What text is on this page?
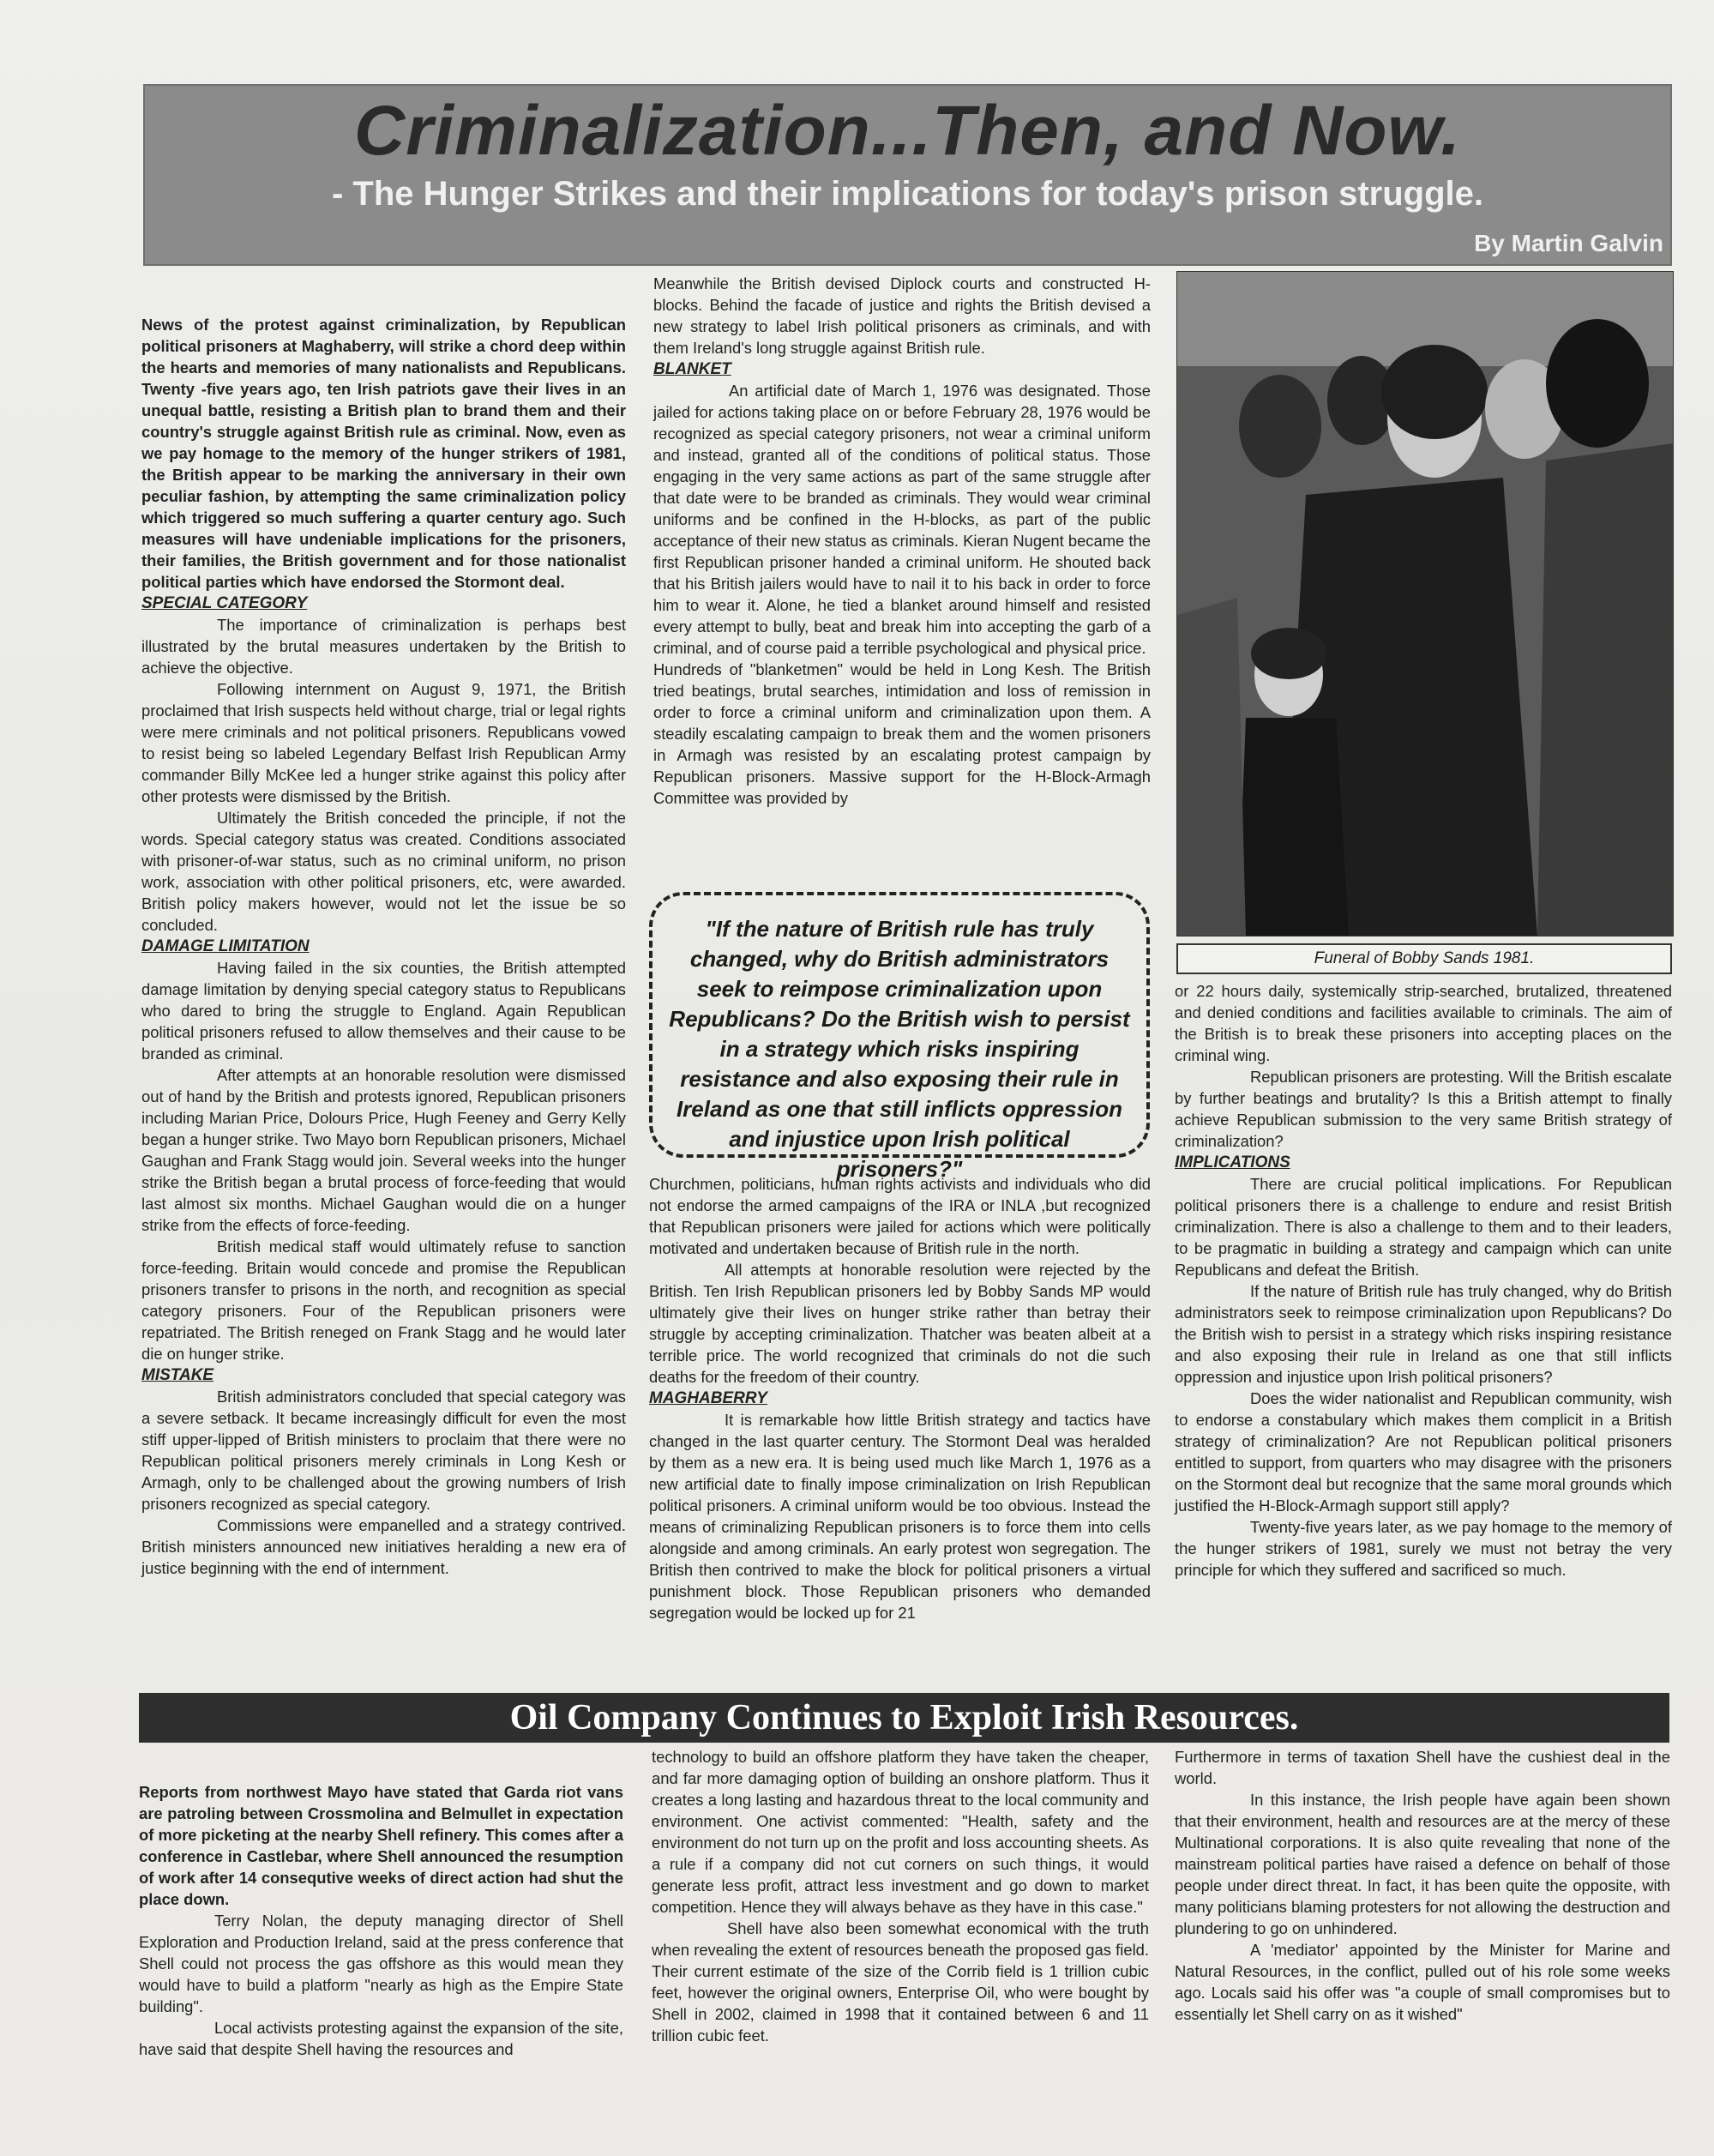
Criminalization...Then, and Now.
- The Hunger Strikes and their implications for today's prison struggle.
By Martin Galvin

News of the protest against criminalization, by Republican political prisoners at Maghaberry, will strike a chord deep within the hearts and memories of many nationalists and Republicans. Twenty -five years ago, ten Irish patriots gave their lives in an unequal battle, resisting a British plan to brand them and their country's struggle against British rule as criminal. Now, even as we pay homage to the memory of the hunger strikers of 1981, the British appear to be marking the anniversary in their own peculiar fashion, by attempting the same criminalization policy which triggered so much suffering a quarter century ago. Such measures will have undeniable implications for the prisoners, their families, the British government and for those nationalist political parties which have endorsed the Stormont deal.

SPECIAL CATEGORY

The importance of criminalization is perhaps best illustrated by the brutal measures undertaken by the British to achieve the objective.

Following internment on August 9, 1971, the British proclaimed that Irish suspects held without charge, trial or legal rights were mere criminals and not political prisoners. Republicans vowed to resist being so labeled Legendary Belfast Irish Republican Army commander Billy McKee led a hunger strike against this policy after other protests were dismissed by the British.

Ultimately the British conceded the principle, if not the words. Special category status was created. Conditions associated with prisoner-of-war status, such as no criminal uniform, no prison work, association with other political prisoners, etc, were awarded. British policy makers however, would not let the issue be so concluded.

DAMAGE LIMITATION

Having failed in the six counties, the British attempted damage limitation by denying special category status to Republicans who dared to bring the struggle to England. Again Republican political prisoners refused to allow themselves and their cause to be branded as criminal.

After attempts at an honorable resolution were dismissed out of hand by the British and protests ignored, Republican prisoners including Marian Price, Dolours Price, Hugh Feeney and Gerry Kelly began a hunger strike. Two Mayo born Republican prisoners, Michael Gaughan and Frank Stagg would join. Several weeks into the hunger strike the British began a brutal process of force-feeding that would last almost six months. Michael Gaughan would die on a hunger strike from the effects of force-feeding.

British medical staff would ultimately refuse to sanction force-feeding. Britain would concede and promise the Republican prisoners transfer to prisons in the north, and recognition as special category prisoners. Four of the Republican prisoners were repatriated. The British reneged on Frank Stagg and he would later die on hunger strike.

MISTAKE

British administrators concluded that special category was a severe setback. It became increasingly difficult for even the most stiff upper-lipped of British ministers to proclaim that there were no Republican political prisoners merely criminals in Long Kesh or Armagh, only to be challenged about the growing numbers of Irish prisoners recognized as special category.

Commissions were empanelled and a strategy contrived. British ministers announced new initiatives heralding a new era of justice beginning with the end of internment.

Meanwhile the British devised Diplock courts and constructed H-blocks. Behind the facade of justice and rights the British devised a new strategy to label Irish political prisoners as criminals, and with them Ireland's long struggle against British rule.

BLANKET

An artificial date of March 1, 1976 was designated. Those jailed for actions taking place on or before February 28, 1976 would be recognized as special category prisoners, not wear a criminal uniform and instead, granted all of the conditions of political status. Those engaging in the very same actions as part of the same struggle after that date were to be branded as criminals. They would wear criminal uniforms and be confined in the H-blocks, as part of the public acceptance of their new status as criminals. Kieran Nugent became the first Republican prisoner handed a criminal uniform. He shouted back that his British jailers would have to nail it to his back in order to force him to wear it. Alone, he tied a blanket around himself and resisted every attempt to bully, beat and break him into accepting the garb of a criminal, and of course paid a terrible psychological and physical price.

Hundreds of "blanketmen" would be held in Long Kesh. The British tried beatings, brutal searches, intimidation and loss of remission in order to force a criminal uniform and criminalization upon them. A steadily escalating campaign to break them and the women prisoners in Armagh was resisted by an escalating protest campaign by Republican prisoners. Massive support for the H-Block-Armagh Committee was provided by

"If the nature of British rule has truly changed, why do British administrators seek to reimpose criminalization upon Republicans? Do the British wish to persist in a strategy which risks inspiring resistance and also exposing their rule in Ireland as one that still inflicts oppression and injustice upon Irish political prisoners?"

Churchmen, politicians, human rights activists and individuals who did not endorse the armed campaigns of the IRA or INLA ,but recognized that Republican prisoners were jailed for actions which were politically motivated and undertaken because of British rule in the north.

All attempts at honorable resolution were rejected by the British. Ten Irish Republican prisoners led by Bobby Sands MP would ultimately give their lives on hunger strike rather than betray their struggle by accepting criminalization. Thatcher was beaten albeit at a terrible price. The world recognized that criminals do not die such deaths for the freedom of their country.

MAGHABERRY

It is remarkable how little British strategy and tactics have changed in the last quarter century. The Stormont Deal was heralded by them as a new era. It is being used much like March 1, 1976 as a new artificial date to finally impose criminalization on Irish Republican political prisoners. A criminal uniform would be too obvious. Instead the means of criminalizing Republican prisoners is to force them into cells alongside and among criminals. An early protest won segregation. The British then contrived to make the block for political prisoners a virtual punishment block. Those Republican prisoners who demanded segregation would be locked up for 21

Funeral of Bobby Sands 1981.

or 22 hours daily, systemically strip-searched, brutalized, threatened and denied conditions and facilities available to criminals. The aim of the British is to break these prisoners into accepting places on the criminal wing.

Republican prisoners are protesting. Will the British escalate by further beatings and brutality? Is this a British attempt to finally achieve Republican submission to the very same British strategy of criminalization?

IMPLICATIONS

There are crucial political implications. For Republican political prisoners there is a challenge to endure and resist British criminalization. There is also a challenge to them and to their leaders, to be pragmatic in building a strategy and campaign which can unite Republicans and defeat the British.

If the nature of British rule has truly changed, why do British administrators seek to reimpose criminalization upon Republicans? Do the British wish to persist in a strategy which risks inspiring resistance and also exposing their rule in Ireland as one that still inflicts oppression and injustice upon Irish political prisoners?

Does the wider nationalist and Republican community, wish to endorse a constabulary which makes them complicit in a British strategy of criminalization? Are not Republican political prisoners entitled to support, from quarters who may disagree with the prisoners on the Stormont deal but recognize that the same moral grounds which justified the H-Block-Armagh support still apply?

Twenty-five years later, as we pay homage to the memory of the hunger strikers of 1981, surely we must not betray the very principle for which they suffered and sacrificed so much.

Oil Company Continues to Exploit Irish Resources.

Reports from northwest Mayo have stated that Garda riot vans are patroling between Crossmolina and Belmullet in expectation of more picketing at the nearby Shell refinery. This comes after a conference in Castlebar, where Shell announced the resumption of work after 14 consequtive weeks of direct action had shut the place down.

Terry Nolan, the deputy managing director of Shell Exploration and Production Ireland, said at the press conference that Shell could not process the gas offshore as this would mean they would have to build a platform "nearly as high as the Empire State building".

Local activists protesting against the expansion of the site, have said that despite Shell having the resources and

technology to build an offshore platform they have taken the cheaper, and far more damaging option of building an onshore platform. Thus it creates a long lasting and hazardous threat to the local community and environment. One activist commented: "Health, safety and the environment do not turn up on the profit and loss accounting sheets. As a rule if a company did not cut corners on such things, it would generate less profit, attract less investment and go down to market competition. Hence they will always behave as they have in this case."

Shell have also been somewhat economical with the truth when revealing the extent of resources beneath the proposed gas field. Their current estimate of the size of the Corrib field is 1 trillion cubic feet, however the original owners, Enterprise Oil, who were bought by Shell in 2002, claimed in 1998 that it contained between 6 and 11 trillion cubic feet.

Furthermore in terms of taxation Shell have the cushiest deal in the world.

In this instance, the Irish people have again been shown that their environment, health and resources are at the mercy of these Multinational corporations. It is also quite revealing that none of the mainstream political parties have raised a defence on behalf of those people under direct threat. In fact, it has been quite the opposite, with many politicians blaming protesters for not allowing the destruction and plundering to go on unhindered.

A 'mediator' appointed by the Minister for Marine and Natural Resources, in the conflict, pulled out of his role some weeks ago. Locals said his offer was "a couple of small compromises but to essentially let Shell carry on as it wished"
